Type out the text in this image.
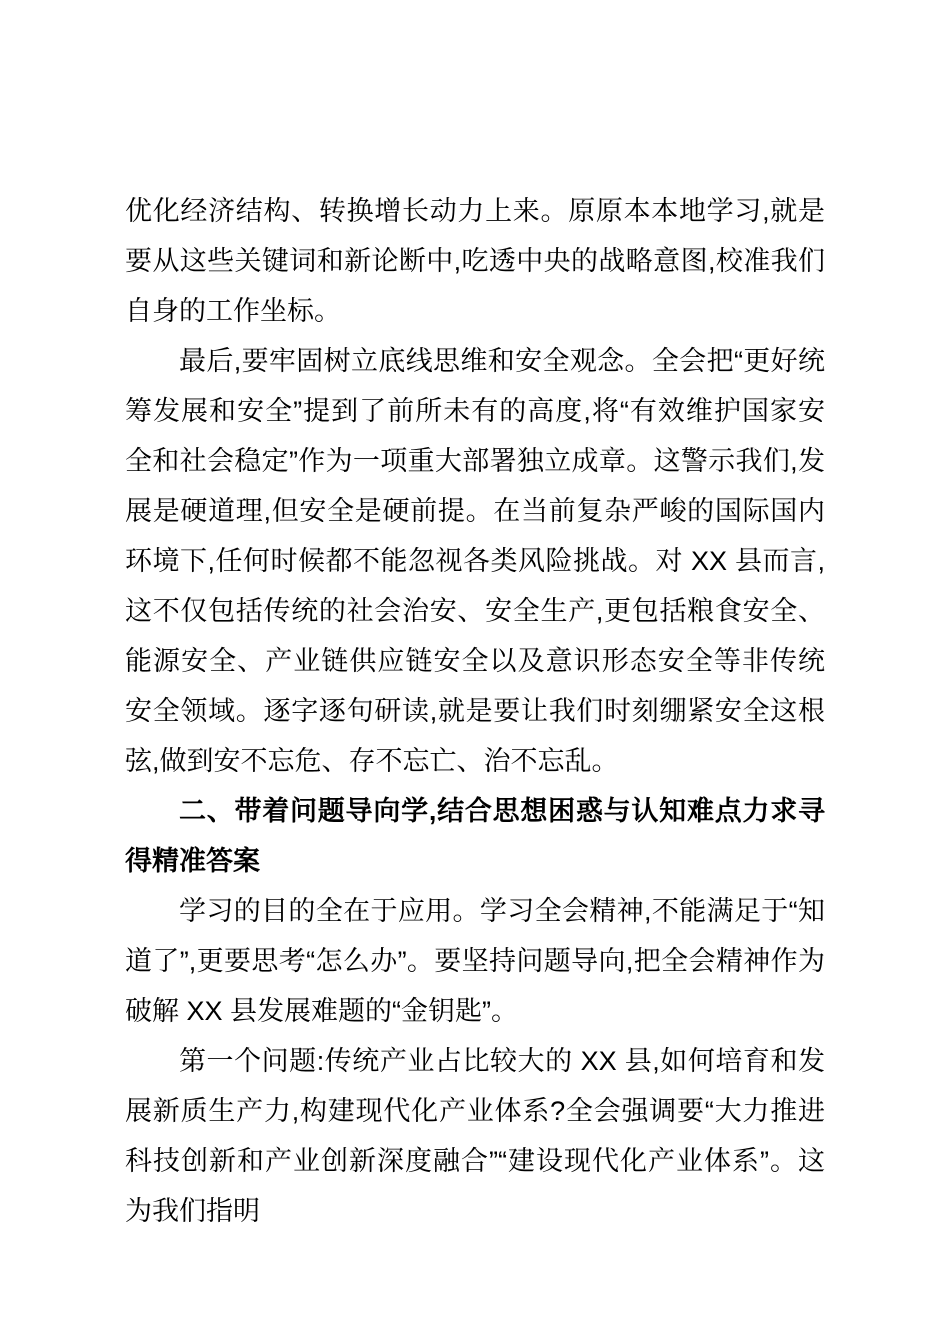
优化经济结构、转换增长动力上来。原原本本地学习,就是要从这些关键词和新论断中,吃透中央的战略意图,校准我们自身的工作坐标。

最后,要牢固树立底线思维和安全观念。全会把“更好统筹发展和安全”提到了前所未有的高度,将“有效维护国家安全和社会稳定”作为一项重大部署独立成章。这警示我们,发展是硬道理,但安全是硬前提。在当前复杂严峻的国际国内环境下,任何时候都不能忽视各类风险挑战。对 XX 县而言,这不仅包括传统的社会治安、安全生产,更包括粮食安全、能源安全、产业链供应链安全以及意识形态安全等非传统安全领域。逐字逐句研读,就是要让我们时刻绷紧安全这根弦,做到安不忘危、存不忘亡、治不忘乱。

二、带着问题导向学,结合思想困惑与认知难点力求寻得精准答案

学习的目的全在于应用。学习全会精神,不能满足于“知道了”,更要思考“怎么办”。要坚持问题导向,把全会精神作为破解 XX 县发展难题的“金钥匙”。

第一个问题:传统产业占比较大的 XX 县,如何培育和发展新质生产力,构建现代化产业体系?全会强调要“大力推进科技创新和产业创新深度融合”“建设现代化产业体系”。这为我们指明
